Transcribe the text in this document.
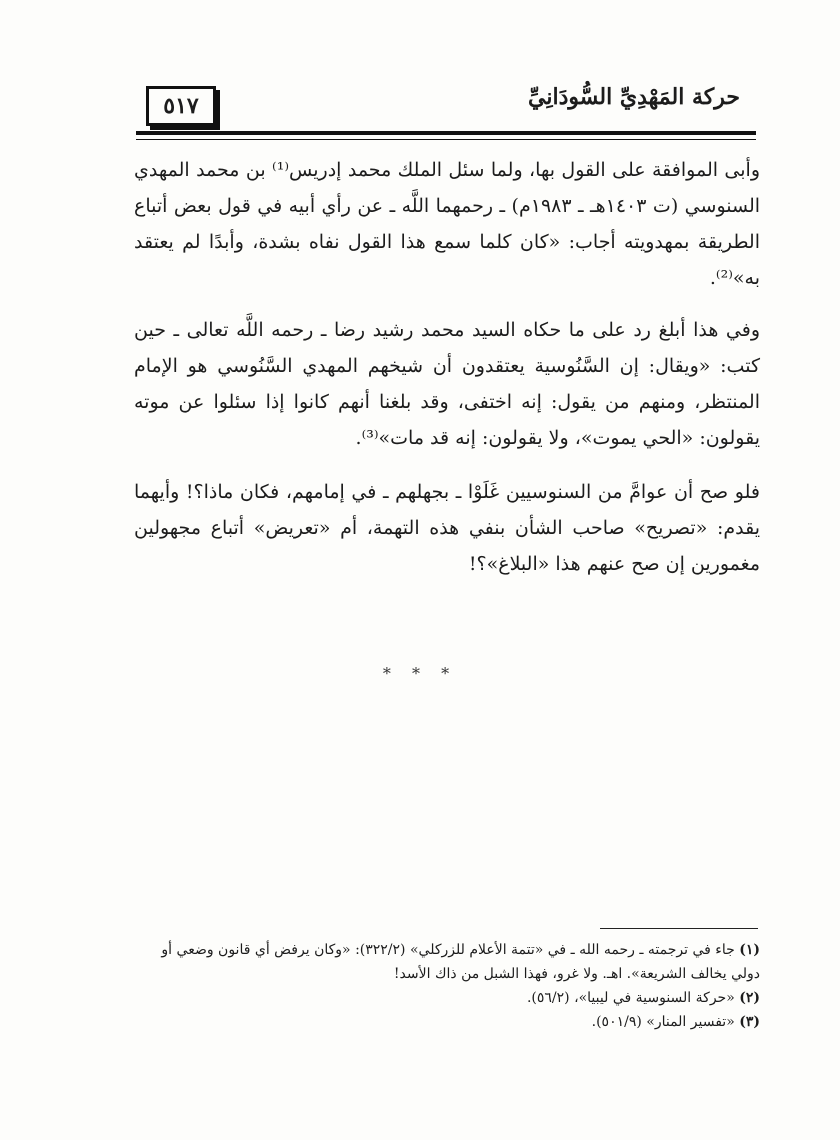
حركة المَهْدِيِّ السُّودَانِيِّ
٥١٧

وأبى الموافقة على القول بها، ولما سئل الملك محمد إدريس⁽¹⁾ بن محمد المهدي السنوسي (ت ١٤٠٣هـ ـ ١٩٨٣م) ـ رحمهما اللَّه ـ عن رأي أبيه في قول بعض أتباع الطريقة بمهدويته أجاب: «كان كلما سمع هذا القول نفاه بشدة، وأبدًا لم يعتقد به»⁽²⁾.

وفي هذا أبلغ رد على ما حكاه السيد محمد رشيد رضا ـ رحمه اللَّه تعالى ـ حين كتب: «ويقال: إن السَّنُوسية يعتقدون أن شيخهم المهدي السَّنُوسي هو الإمام المنتظر، ومنهم من يقول: إنه اختفى، وقد بلغنا أنهم كانوا إذا سئلوا عن موته يقولون: «الحي يموت»، ولا يقولون: إنه قد مات»⁽³⁾.

فلو صح أن عوامَّ من السنوسيين غَلَوْا ـ بجهلهم ـ في إمامهم، فكان ماذا؟! وأيهما يقدم: «تصريح» صاحب الشأن بنفي هذه التهمة، أم «تعريض» أتباع مجهولين مغمورين إن صح عنهم هذا «البلاغ»؟!

* * *

(١) جاء في ترجمته ـ رحمه الله ـ في «تتمة الأعلام للزركلي» (٣٢٢/٢): «وكان يرفض أي قانون وضعي أو دولي يخالف الشريعة». اهـ. ولا غرو، فهذا الشبل من ذاك الأسد!

(٢) «حركة السنوسية في ليبيا»، (٥٦/٢).

(٣) «تفسير المنار» (٥٠١/٩).
